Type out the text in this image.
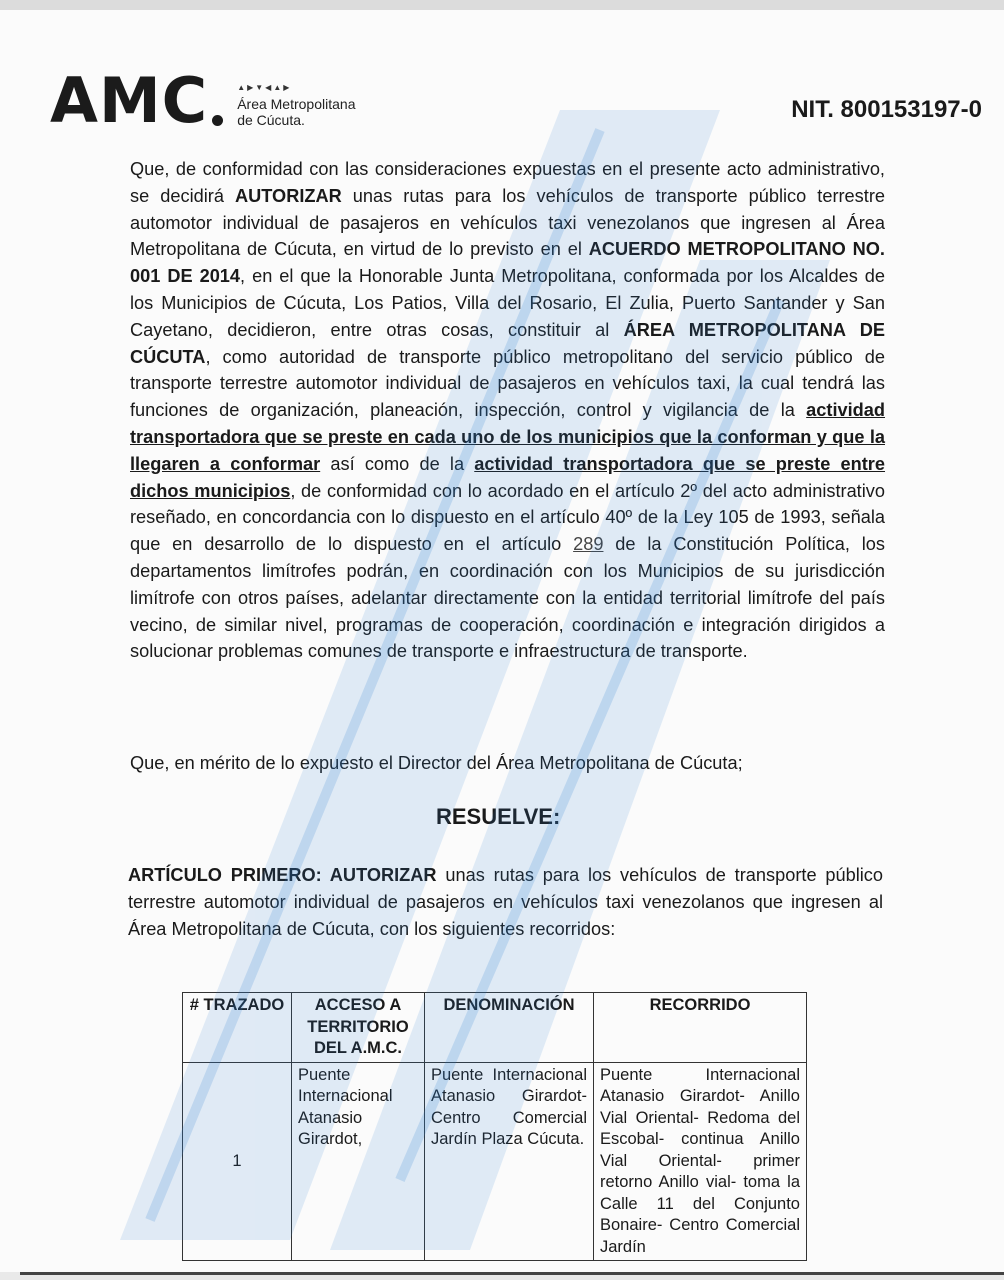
AMC	▲▶▼◀▲▶
Área Metropolitana
de Cúcuta.	NIT. 800153197-0
Que, de conformidad con las consideraciones expuestas en el presente acto administrativo, se decidirá AUTORIZAR unas rutas para los vehículos de transporte público terrestre automotor individual de pasajeros en vehículos taxi venezolanos que ingresen al Área Metropolitana de Cúcuta, en virtud de lo previsto en el ACUERDO METROPOLITANO NO. 001 DE 2014, en el que la Honorable Junta Metropolitana, conformada por los Alcaldes de los Municipios de Cúcuta, Los Patios, Villa del Rosario, El Zulia, Puerto Santander y San Cayetano, decidieron, entre otras cosas, constituir al ÁREA METROPOLITANA DE CÚCUTA, como autoridad de transporte público metropolitano del servicio público de transporte terrestre automotor individual de pasajeros en vehículos taxi, la cual tendrá las funciones de organización, planeación, inspección, control y vigilancia de la actividad transportadora que se preste en cada uno de los municipios que la conforman y que la llegaren a conformar así como de la actividad transportadora que se preste entre dichos municipios, de conformidad con lo acordado en el artículo 2º del acto administrativo reseñado, en concordancia con lo dispuesto en el artículo 40º de la Ley 105 de 1993, señala que en desarrollo de lo dispuesto en el artículo 289 de la Constitución Política, los departamentos limítrofes podrán, en coordinación con los Municipios de su jurisdicción limítrofe con otros países, adelantar directamente con la entidad territorial limítrofe del país vecino, de similar nivel, programas de cooperación, coordinación e integración dirigidos a solucionar problemas comunes de transporte e infraestructura de transporte.
Que, en mérito de lo expuesto el Director del Área Metropolitana de Cúcuta;
RESUELVE:
ARTÍCULO PRIMERO: AUTORIZAR unas rutas para los vehículos de transporte público terrestre automotor individual de pasajeros en vehículos taxi venezolanos que ingresen al Área Metropolitana de Cúcuta, con los siguientes recorridos:
# TRAZADO	ACCESO A TERRITORIO DEL A.M.C.	DENOMINACIÓN	RECORRIDO
1	Puente Internacional Atanasio Girardot,	Puente Internacional Atanasio Girardot- Centro Comercial Jardín Plaza Cúcuta.	Puente Internacional Atanasio Girardot- Anillo Vial Oriental- Redoma del Escobal- continua Anillo Vial Oriental- primer retorno Anillo vial- toma la Calle 11 del Conjunto Bonaire- Centro Comercial Jardín
